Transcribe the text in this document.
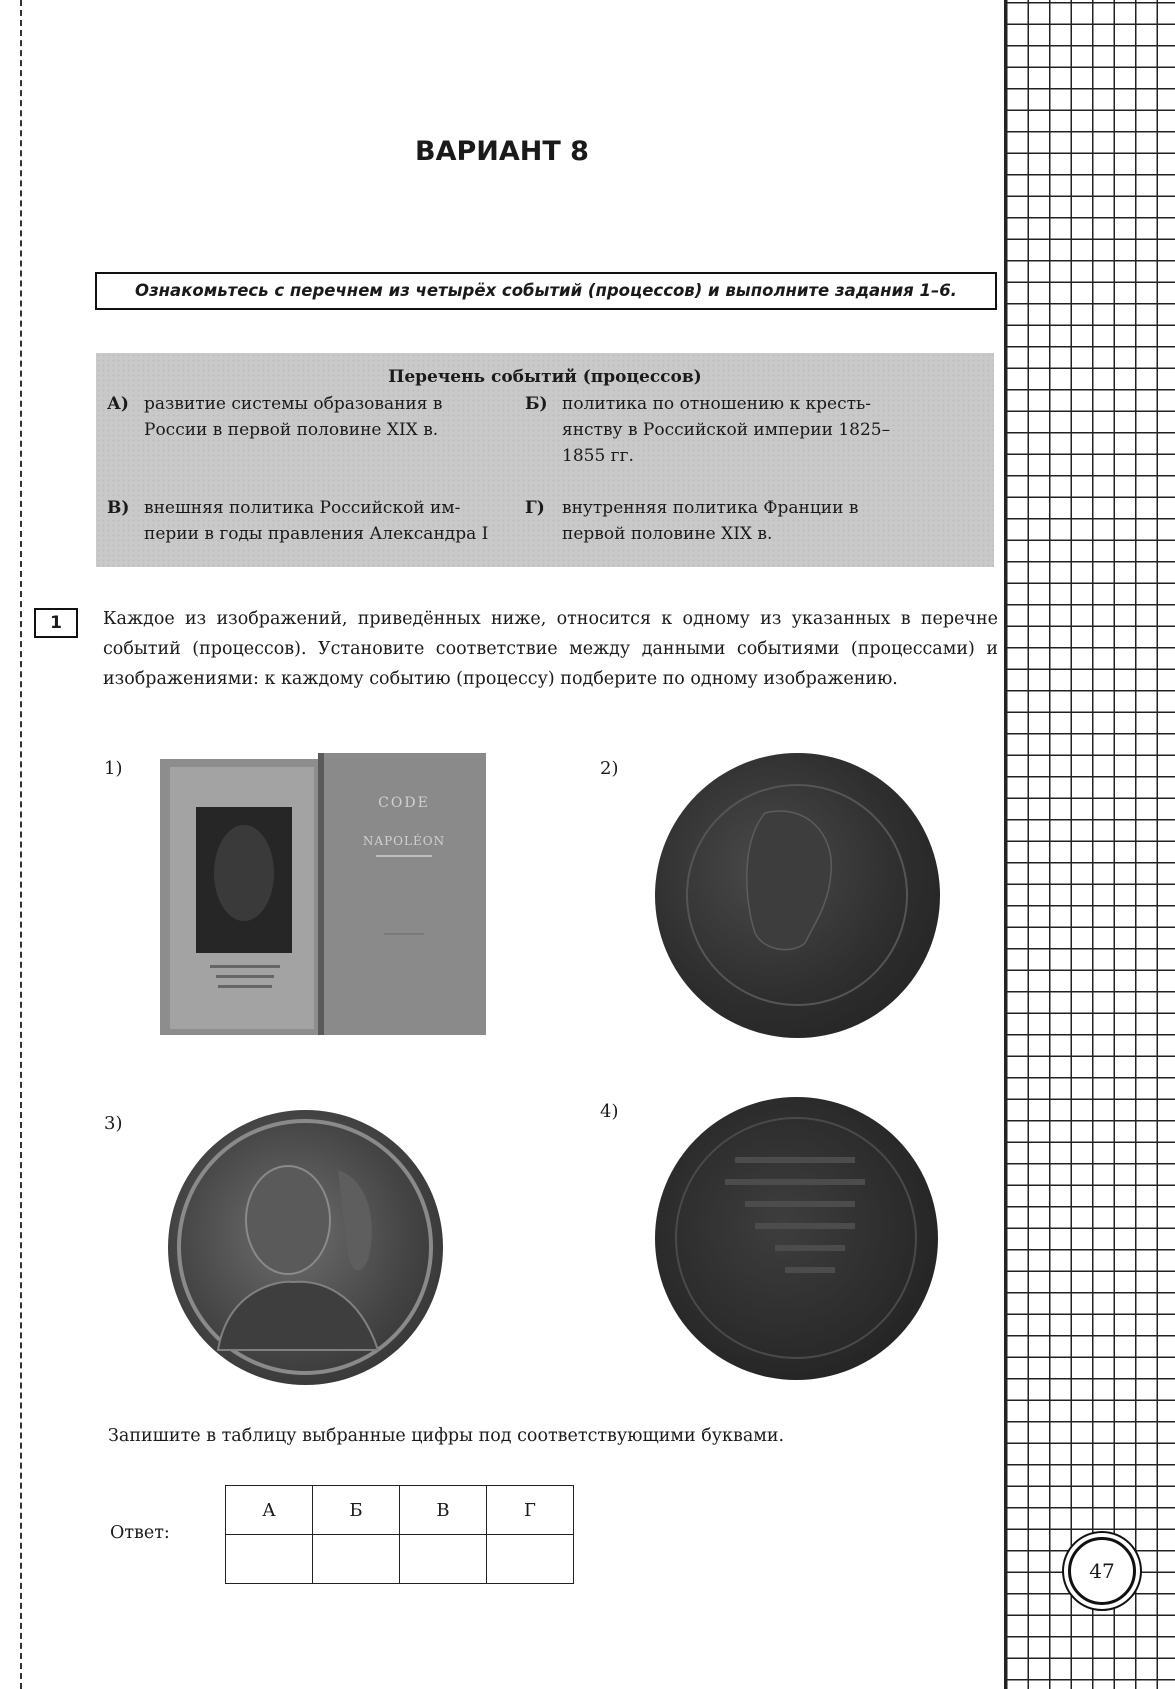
47
ВАРИАНТ 8
Ознакомьтесь с перечнем из четырёх событий (процессов) и выполните задания 1–6.
Перечень событий (процессов)
А) развитие системы образования в
России в первой половине XIX в.
Б) политика по отношению к кресть-
янству в Российской империи 1825–
1855 гг.
В) внешняя политика Российской им-
перии в годы правления Александра I
Г) внутренняя политика Франции в
первой половине XIX в.
1	Каждое из изображений, приведённых ниже, относится к одному из указанных в перечне событий (процессов). Установите соответствие между данными событиями (процессами) и изображениями: к каждому событию (процессу) подберите по одному изображению.
1)
CODE
NAPOLÉON
2)
3)
4)
Запишите в таблицу выбранные цифры под соответствующими буквами.
Ответ:
А	Б	В	Г
